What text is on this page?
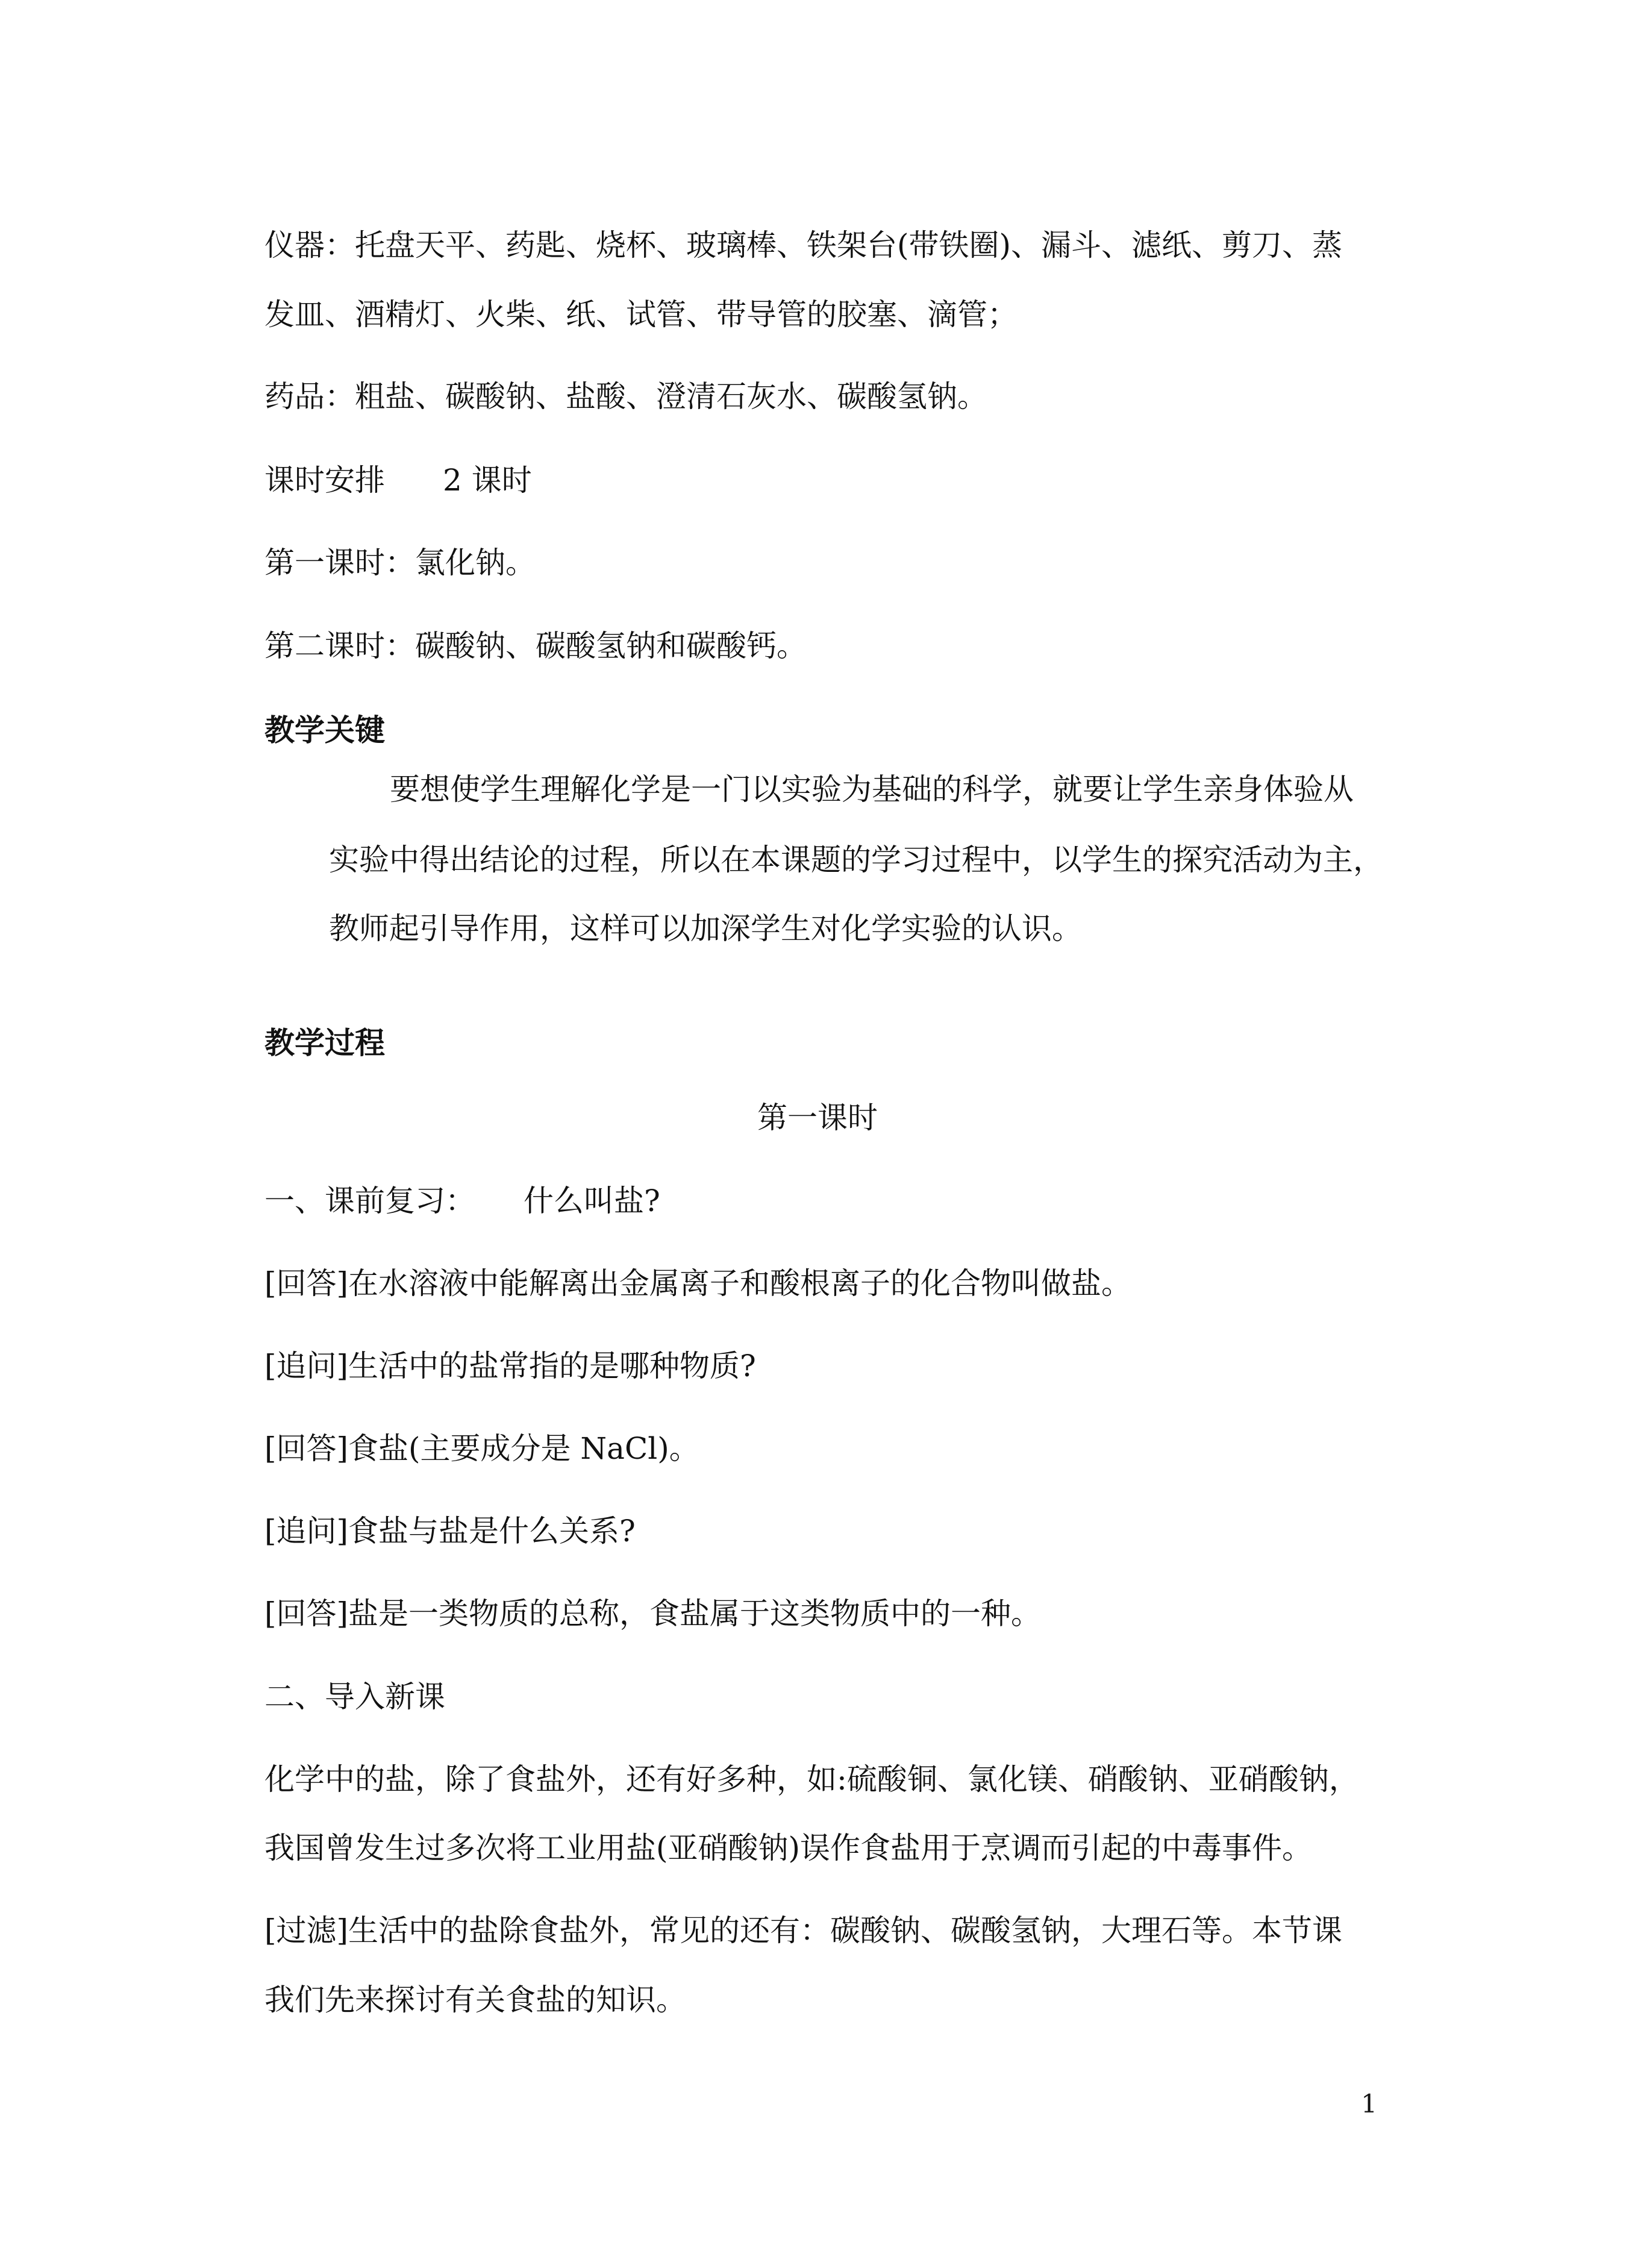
仪器：托盘天平、药匙、烧杯、玻璃棒、铁架台(带铁圈)、漏斗、滤纸、剪刀、蒸

发皿、酒精灯、火柴、纸、试管、带导管的胶塞、滴管；

药品：粗盐、碳酸钠、盐酸、澄清石灰水、碳酸氢钠。

课时安排 2 课时

第一课时：氯化钠。

第二课时：碳酸钠、碳酸氢钠和碳酸钙。

教学关键

要想使学生理解化学是一门以实验为基础的科学，就要让学生亲身体验从

实验中得出结论的过程，所以在本课题的学习过程中，以学生的探究活动为主，

教师起引导作用，这样可以加深学生对化学实验的认识。

教学过程

第一课时

一、课前复习： 什么叫盐?

[回答]在水溶液中能解离出金属离子和酸根离子的化合物叫做盐。

[追问]生活中的盐常指的是哪种物质?

[回答]食盐(主要成分是 NaCl)。

[追问]食盐与盐是什么关系?

[回答]盐是一类物质的总称，食盐属于这类物质中的一种。

二、导入新课

化学中的盐，除了食盐外，还有好多种，如:硫酸铜、氯化镁、硝酸钠、亚硝酸钠，

我国曾发生过多次将工业用盐(亚硝酸钠)误作食盐用于烹调而引起的中毒事件。

[过滤]生活中的盐除食盐外，常见的还有：碳酸钠、碳酸氢钠，大理石等。本节课

我们先来探讨有关食盐的知识。

1
